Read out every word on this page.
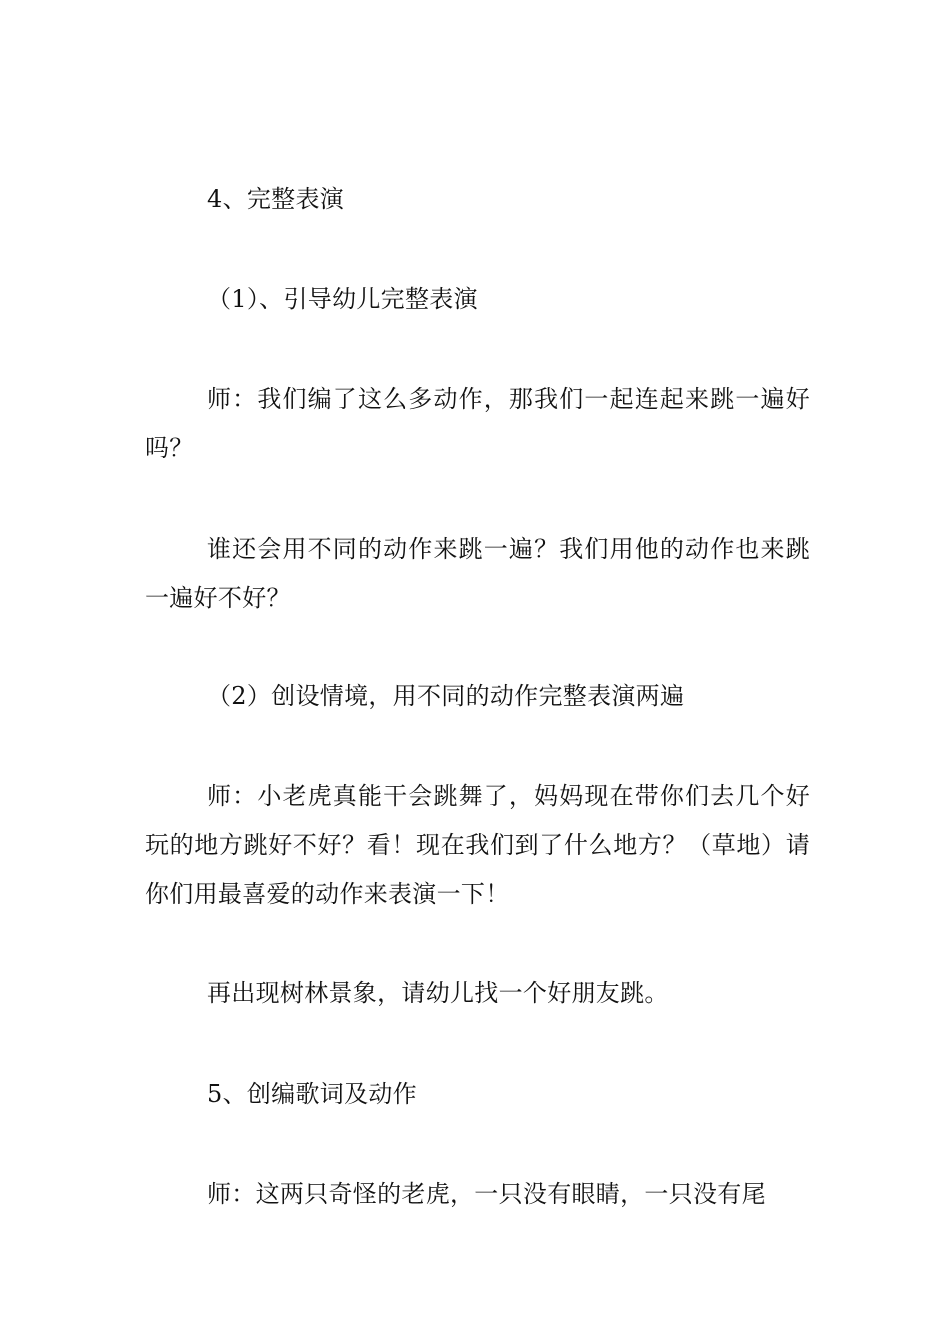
4、完整表演

（1）、引导幼儿完整表演

师：我们编了这么多动作，那我们一起连起来跳一遍好吗？

谁还会用不同的动作来跳一遍？我们用他的动作也来跳一遍好不好？

（2）创设情境，用不同的动作完整表演两遍

师：小老虎真能干会跳舞了，妈妈现在带你们去几个好玩的地方跳好不好？看！现在我们到了什么地方？（草地）请你们用最喜爱的动作来表演一下！

再出现树林景象，请幼儿找一个好朋友跳。

5、创编歌词及动作

师：这两只奇怪的老虎，一只没有眼睛，一只没有尾
